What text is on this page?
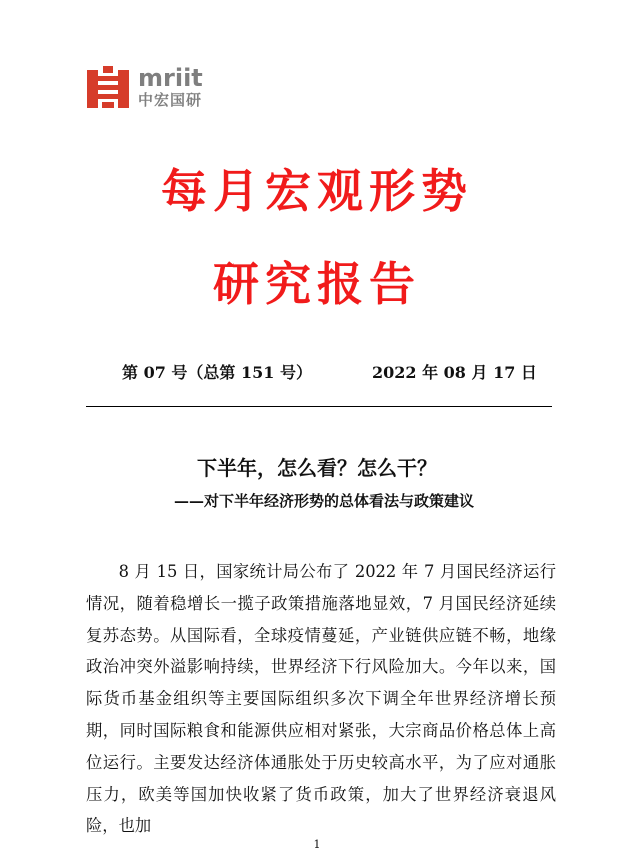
mriit
中宏国研
每月宏观形势
研究报告
第 07 号（总第 151 号）	2022 年 08 月 17 日
下半年，怎么看？怎么干？
——对下半年经济形势的总体看法与政策建议

8 月 15 日，国家统计局公布了 2022 年 7 月国民经济运行情况，随着稳增长一揽子政策措施落地显效，7 月国民经济延续复苏态势。从国际看，全球疫情蔓延，产业链供应链不畅，地缘政治冲突外溢影响持续，世界经济下行风险加大。今年以来，国际货币基金组织等主要国际组织多次下调全年世界经济增长预期，同时国际粮食和能源供应相对紧张，大宗商品价格总体上高位运行。主要发达经济体通胀处于历史较高水平，为了应对通胀压力，欧美等国加快收紧了货币政策，加大了世界经济衰退风险，也加

1
